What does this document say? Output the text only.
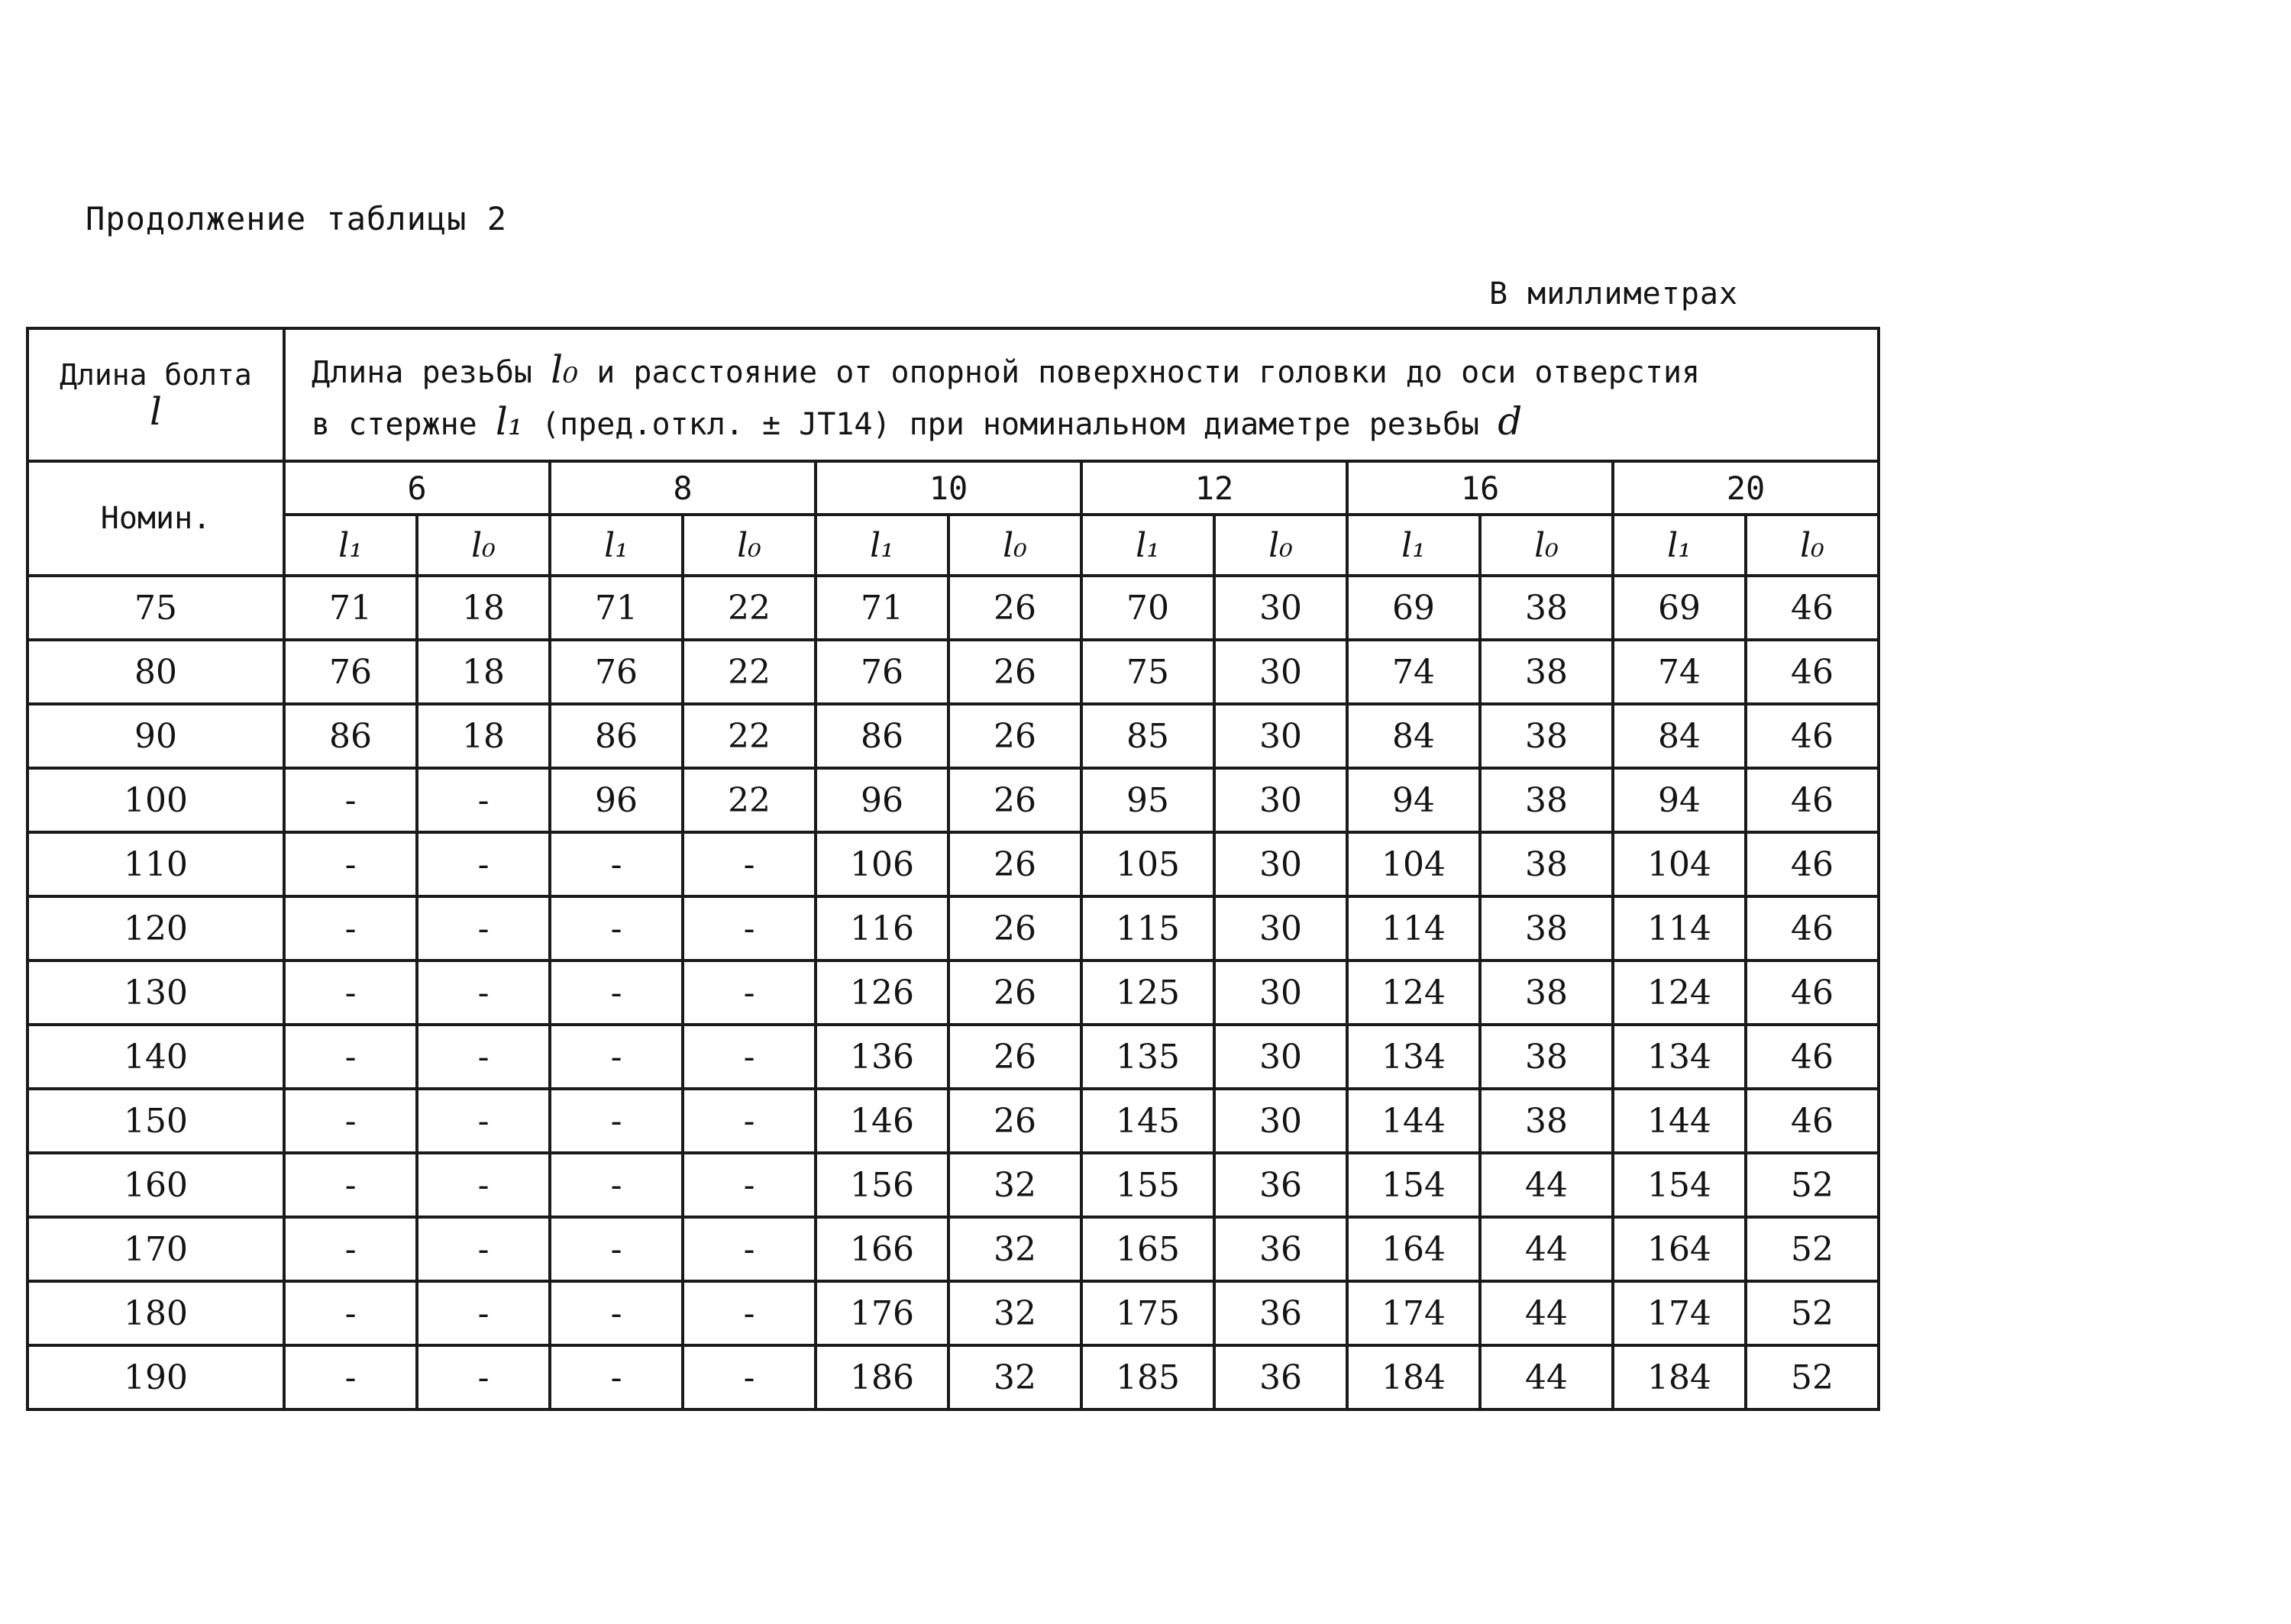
Продолжение таблицы 2
В миллиметрах
Длина болта
l	Длина резьбы l₀ и расстояние от опорной поверхности головки до оси отверстия
в стержне l₁ (пред.откл. ± JT14) при номинальном диаметре резьбы d											
Номин.	6		8		10		12		16		20	
	l₁	l₀	l₁	l₀	l₁	l₀	l₁	l₀	l₁	l₀	l₁	l₀
75	71	18	71	22	71	26	70	30	69	38	69	46
80	76	18	76	22	76	26	75	30	74	38	74	46
90	86	18	86	22	86	26	85	30	84	38	84	46
100	-	-	96	22	96	26	95	30	94	38	94	46
110	-	-	-	-	106	26	105	30	104	38	104	46
120	-	-	-	-	116	26	115	30	114	38	114	46
130	-	-	-	-	126	26	125	30	124	38	124	46
140	-	-	-	-	136	26	135	30	134	38	134	46
150	-	-	-	-	146	26	145	30	144	38	144	46
160	-	-	-	-	156	32	155	36	154	44	154	52
170	-	-	-	-	166	32	165	36	164	44	164	52
180	-	-	-	-	176	32	175	36	174	44	174	52
190	-	-	-	-	186	32	185	36	184	44	184	52
